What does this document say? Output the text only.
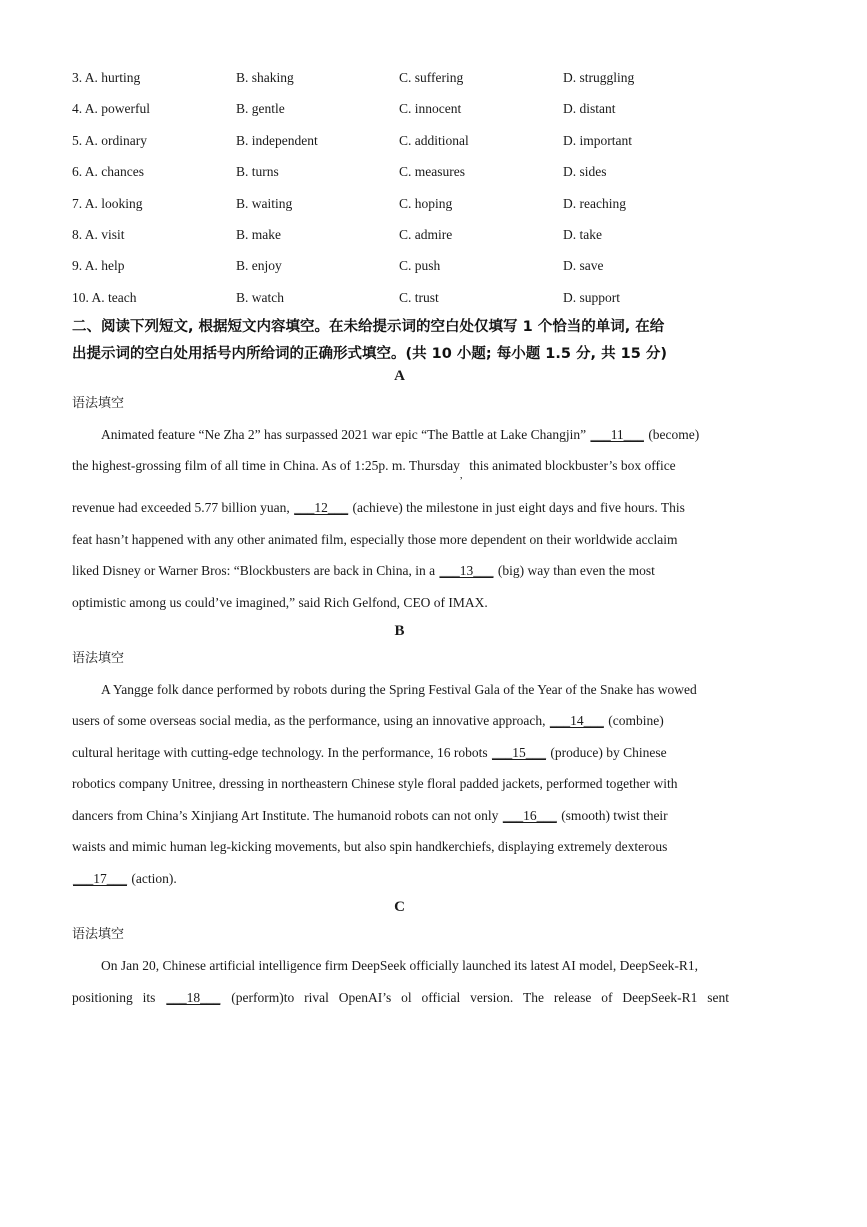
3. A. hurting	B. shaking	C. suffering	D. struggling
4. A. powerful	B. gentle	C. innocent	D. distant
5. A. ordinary	B. independent	C. additional	D. important
6. A. chances	B. turns	C. measures	D. sides
7. A. looking	B. waiting	C. hoping	D. reaching
8. A. visit	B. make	C. admire	D. take
9. A. help	B. enjoy	C. push	D. save
10. A. teach	B. watch	C. trust	D. support
二、阅读下列短文, 根据短文内容填空。在未给提示词的空白处仅填写 1 个恰当的单词, 在给
出提示词的空白处用括号内所给词的正确形式填空。(共 10 小题; 每小题 1.5 分, 共 15 分)
A
语法填空
Animated feature “Ne Zha 2” has surpassed 2021 war epic “The Battle at Lake Changjin” ___11___ (become)
the highest-grossing film of all time in China. As of 1:25p. m. Thursday
,
this animated blockbuster’s box office
revenue had exceeded 5.77 billion yuan, ___12___ (achieve) the milestone in just eight days and five hours. This
feat hasn’t happened with any other animated film, especially those more dependent on their worldwide acclaim
liked Disney or Warner Bros: “Blockbusters are back in China, in a ___13___ (big) way than even the most
optimistic among us could’ve imagined,” said Rich Gelfond, CEO of IMAX.
B
语法填空
A Yangge folk dance performed by robots during the Spring Festival Gala of the Year of the Snake has wowed
users of some overseas social media, as the performance, using an innovative approach, ___14___ (combine)
cultural heritage with cutting-edge technology. In the performance, 16 robots ___15___ (produce) by Chinese
robotics company Unitree, dressing in northeastern Chinese style floral padded jackets, performed together with
dancers from China’s Xinjiang Art Institute. The humanoid robots can not only ___16___ (smooth) twist their
waists and mimic human leg-kicking movements, but also spin handkerchiefs, displaying extremely dexterous
___17___ (action).
C
语法填空
On Jan 20, Chinese artificial intelligence firm DeepSeek officially launched its latest AI model, DeepSeek-R1,
positioning its ___18___ (perform)to rival OpenAI’s ol official version. The release of DeepSeek-R1 sent
